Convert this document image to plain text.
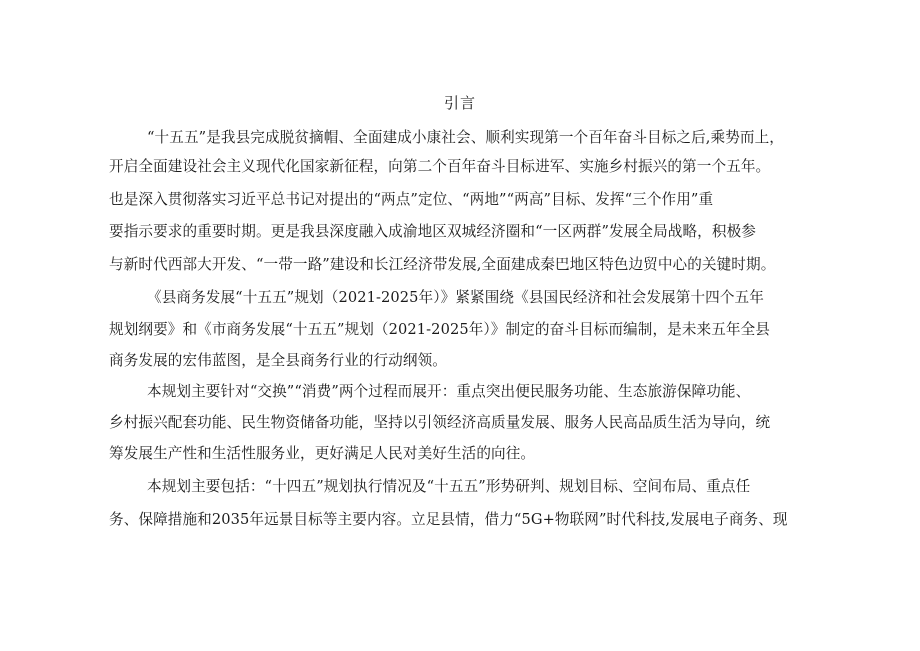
引言
“十五五”是我县完成脱贫摘帽、全面建成小康社会、顺利实现第一个百年奋斗目标之后,乘势而上，
开启全面建设社会主义现代化国家新征程，向第二个百年奋斗目标进军、实施乡村振兴的第一个五年。
也是深入贯彻落实习近平总书记对提出的“两点”定位、“两地”“两高”目标、发挥“三个作用”重
要指示要求的重要时期。更是我县深度融入成渝地区双城经济圈和“一区两群”发展全局战略，积极参
与新时代西部大开发、“一带一路”建设和长江经济带发展,全面建成秦巴地区特色边贸中心的关键时期。
《县商务发展“十五五”规划（2021-2025年）》紧紧围绕《县国民经济和社会发展第十四个五年
规划纲要》和《市商务发展“十五五”规划（2021-2025年）》制定的奋斗目标而编制，是未来五年全县
商务发展的宏伟蓝图，是全县商务行业的行动纲领。
本规划主要针对“交换”“消费”两个过程而展开：重点突出便民服务功能、生态旅游保障功能、
乡村振兴配套功能、民生物资储备功能，坚持以引领经济高质量发展、服务人民高品质生活为导向，统
筹发展生产性和生活性服务业，更好满足人民对美好生活的向往。
本规划主要包括：“十四五”规划执行情况及“十五五”形势研判、规划目标、空间布局、重点任
务、保障措施和2035年远景目标等主要内容。立足县情，借力“5G+物联网”时代科技,发展电子商务、现
